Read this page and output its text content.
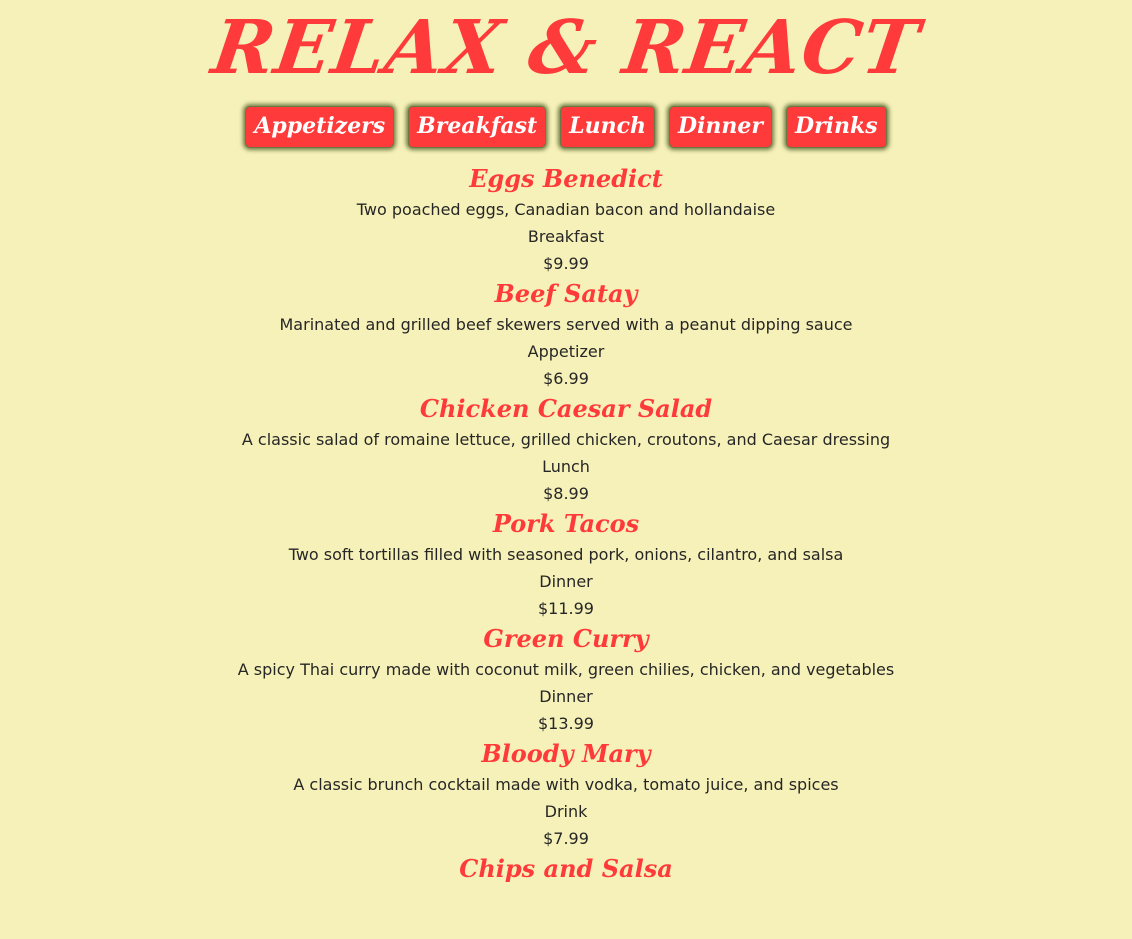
RELAX & REACT
Appetizers	Breakfast	Lunch	Dinner	Drinks
Eggs Benedict

Two poached eggs, Canadian bacon and hollandaise

Breakfast

$9.99

Beef Satay

Marinated and grilled beef skewers served with a peanut dipping sauce

Appetizer

$6.99

Chicken Caesar Salad

A classic salad of romaine lettuce, grilled chicken, croutons, and Caesar dressing

Lunch

$8.99

Pork Tacos

Two soft tortillas filled with seasoned pork, onions, cilantro, and salsa

Dinner

$11.99

Green Curry

A spicy Thai curry made with coconut milk, green chilies, chicken, and vegetables

Dinner

$13.99

Bloody Mary

A classic brunch cocktail made with vodka, tomato juice, and spices

Drink

$7.99

Chips and Salsa
